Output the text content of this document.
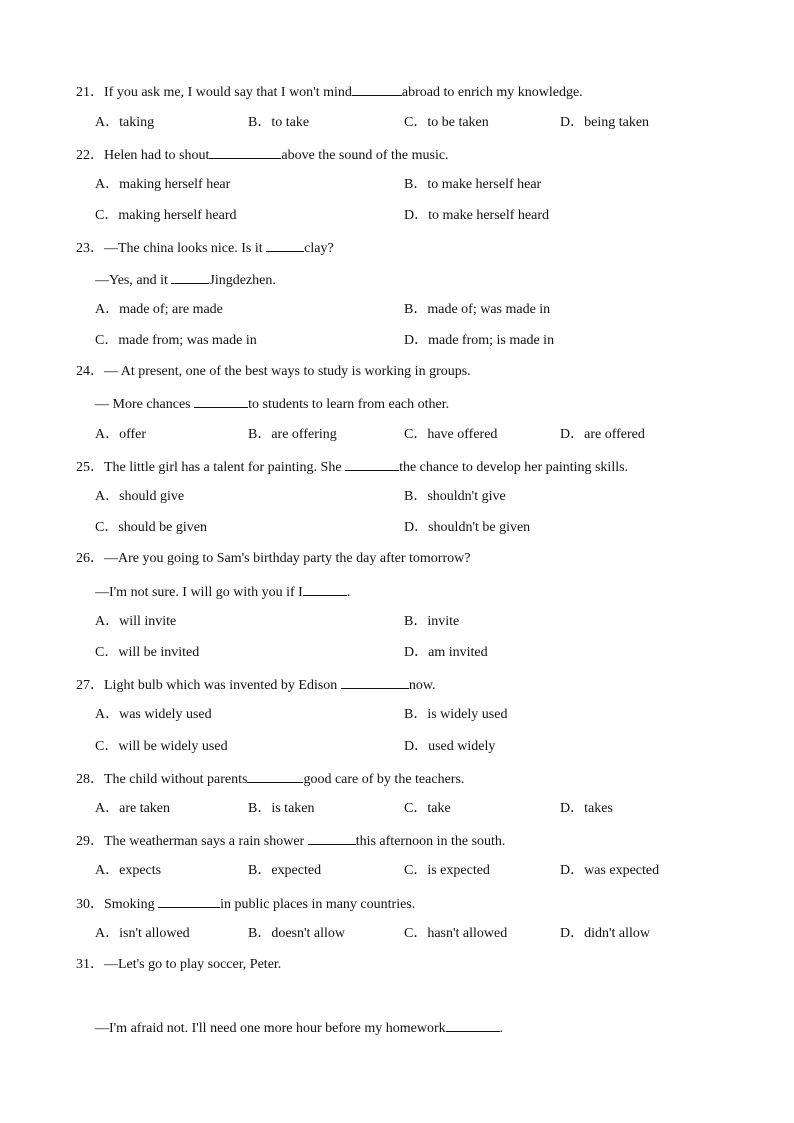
21．If you ask me, I would say that I won't mind	abroad to enrich my knowledge.
A．taking	B．to take	C．to be taken	D．being taken
22．Helen had to shout	above the sound of the music.
A．making herself hear	B．to make herself hear
C．making herself heard	D．to make herself heard
23．—The china looks nice. Is it	clay?
—Yes, and it	Jingdezhen.
A．made of; are made	B．made of; was made in
C．made from; was made in	D．made from; is made in
24．— At present, one of the best ways to study is working in groups.
— More chances	to students to learn from each other.
A．offer	B．are offering	C．have offered	D．are offered
25．The little girl has a talent for painting. She	the chance to develop her painting skills.
A．should give	B．shouldn't give
C．should be given	D．shouldn't be given
26．—Are you going to Sam's birthday party the day after tomorrow?
—I'm not sure. I will go with you if I	.
A．will invite	B．invite
C．will be invited	D．am invited
27．Light bulb which was invented by Edison	now.
A．was widely used	B．is widely used
C．will be widely used	D．used widely
28．The child without parents	good care of by the teachers.
A．are taken	B．is taken	C．take	D．takes
29．The weatherman says a rain shower	this afternoon in the south.
A．expects	B．expected	C．is expected	D．was expected
30．Smoking	in public places in many countries.
A．isn't allowed	B．doesn't allow	C．hasn't allowed	D．didn't allow
31．—Let's go to play soccer, Peter.
—I'm afraid not. I'll need one more hour before my homework	.
